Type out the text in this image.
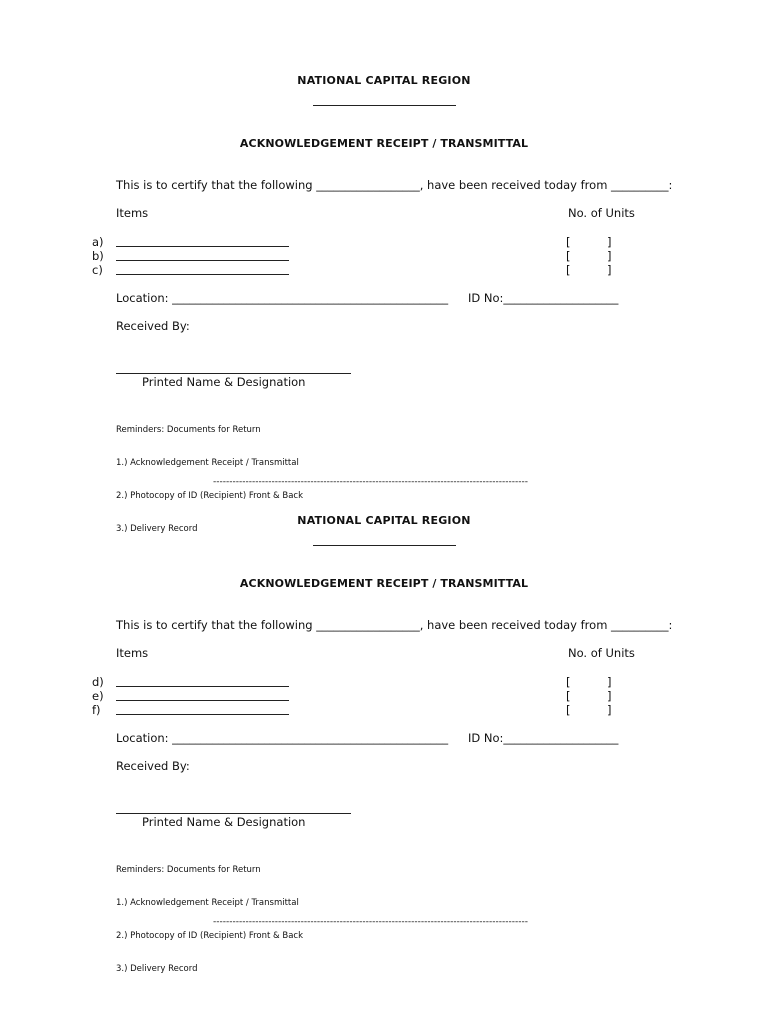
NATIONAL CAPITAL REGION
ACKNOWLEDGEMENT RECEIPT / TRANSMITTAL
This is to certify that the following __________________, have been received today from __________:
Items	No. of Units
a)	[          ]
b)	[          ]
c)	[          ]
Location: ________________________________________________ ID No:____________________
Received By:
Printed Name & Designation

Reminders: Documents for Return

1.) Acknowledgement Receipt / Transmittal

2.) Photocopy of ID (Recipient) Front & Back

3.) Delivery Record

-------------------------------------------------------------------------------------------------
NATIONAL CAPITAL REGION
ACKNOWLEDGEMENT RECEIPT / TRANSMITTAL
This is to certify that the following __________________, have been received today from __________:
Items	No. of Units
d)	[          ]
e)	[          ]
f)	[          ]
Location: ________________________________________________ ID No:____________________
Received By:
Printed Name & Designation

Reminders: Documents for Return

1.) Acknowledgement Receipt / Transmittal

2.) Photocopy of ID (Recipient) Front & Back

3.) Delivery Record

-------------------------------------------------------------------------------------------------
